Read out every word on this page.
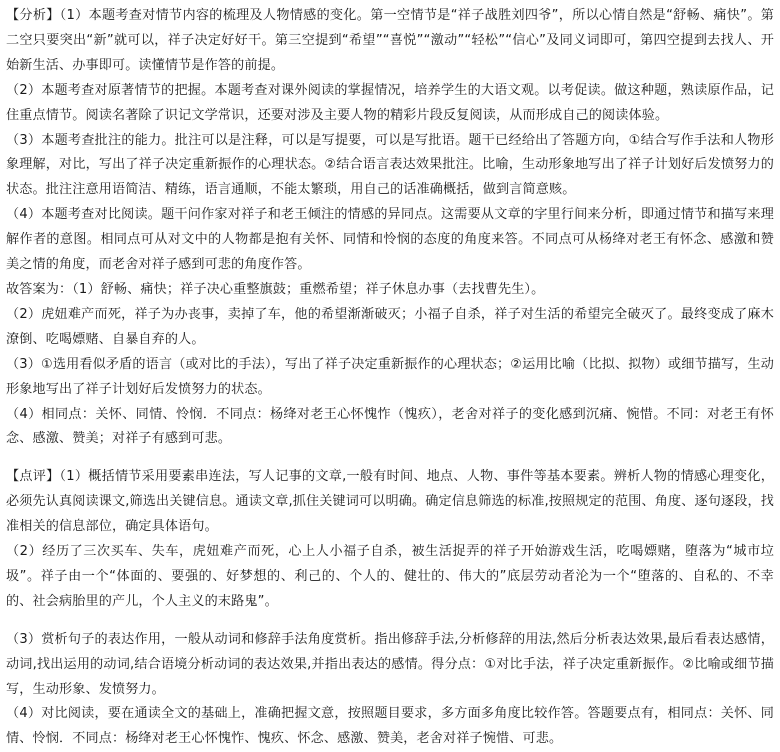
【分析】（1）本题考查对情节内容的梳理及人物情感的变化。第一空情节是“祥子战胜刘四爷”，所以心情自然是“舒畅、痛快”。第二空只要突出“新”就可以，祥子决定好好干。第三空提到“希望”“喜悦”“激动”“轻松”“信心”及同义词即可，第四空提到去找人、开始新生活、办事即可。读懂情节是作答的前提。

（2）本题考查对原著情节的把握。本题考查对课外阅读的掌握情况，培养学生的大语文观。以考促读。做这种题，熟读原作品，记住重点情节。阅读名著除了识记文学常识，还要对涉及主要人物的精彩片段反复阅读，从而形成自己的阅读体验。

（3）本题考查批注的能力。批注可以是注释，可以是写提要，可以是写批语。题干已经给出了答题方向，①结合写作手法和人物形象理解，对比，写出了祥子决定重新振作的心理状态。②结合语言表达效果批注。比喻，生动形象地写出了祥子计划好后发愤努力的状态。批注注意用语简洁、精练，语言通顺，不能太繁琐，用自己的话准确概括，做到言简意赅。

（4）本题考查对比阅读。题干问作家对祥子和老王倾注的情感的异同点。这需要从文章的字里行间来分析，即通过情节和描写来理解作者的意图。相同点可从对文中的人物都是抱有关怀、同情和怜悯的态度的角度来答。不同点可从杨绛对老王有怀念、感激和赞美之情的角度，而老舍对祥子感到可悲的角度作答。

故答案为：（1）舒畅、痛快；祥子决心重整旗鼓；重燃希望；祥子休息办事（去找曹先生）。

（2）虎妞难产而死，祥子为办丧事，卖掉了车，他的希望渐渐破灭；小福子自杀，祥子对生活的希望完全破灭了。最终变成了麻木潦倒、吃喝嫖赌、自暴自弃的人。

（3）①选用看似矛盾的语言（或对比的手法），写出了祥子决定重新振作的心理状态；②运用比喻（比拟、拟物）或细节描写，生动形象地写出了祥子计划好后发愤努力的状态。

（4）相同点：关怀、同情、怜悯．不同点：杨绛对老王心怀愧怍（愧疚），老舍对祥子的变化感到沉痛、惋惜。不同：对老王有怀念、感激、赞美；对祥子有感到可悲。

【点评】（1）概括情节采用要素串连法，写人记事的文章,一般有时间、地点、人物、事件等基本要素。辨析人物的情感心理变化，必须先认真阅读课文,筛选出关键信息。通读文章,抓住关键词可以明确。确定信息筛选的标准,按照规定的范围、角度、逐句逐段，找准相关的信息部位，确定具体语句。

（2）经历了三次买车、失车，虎妞难产而死，心上人小福子自杀，被生活捉弄的祥子开始游戏生活，吃喝嫖赌，堕落为“城市垃圾”。祥子由一个“体面的、要强的、好梦想的、利己的、个人的、健壮的、伟大的”底层劳动者沦为一个“堕落的、自私的、不幸的、社会病胎里的产儿，个人主义的末路鬼”。

（3）赏析句子的表达作用，一般从动词和修辞手法角度赏析。指出修辞手法,分析修辞的用法,然后分析表达效果,最后看表达感情，动词,找出运用的动词,结合语境分析动词的表达效果,并指出表达的感情。得分点：①对比手法，祥子决定重新振作。②比喻或细节描写，生动形象、发愤努力。

（4）对比阅读，要在通读全文的基础上，准确把握文意，按照题目要求，多方面多角度比较作答。答题要点有，相同点：关怀、同情、怜悯．不同点：杨绛对老王心怀愧怍、愧疚、怀念、感激、赞美，老舍对祥子惋惜、可悲。
